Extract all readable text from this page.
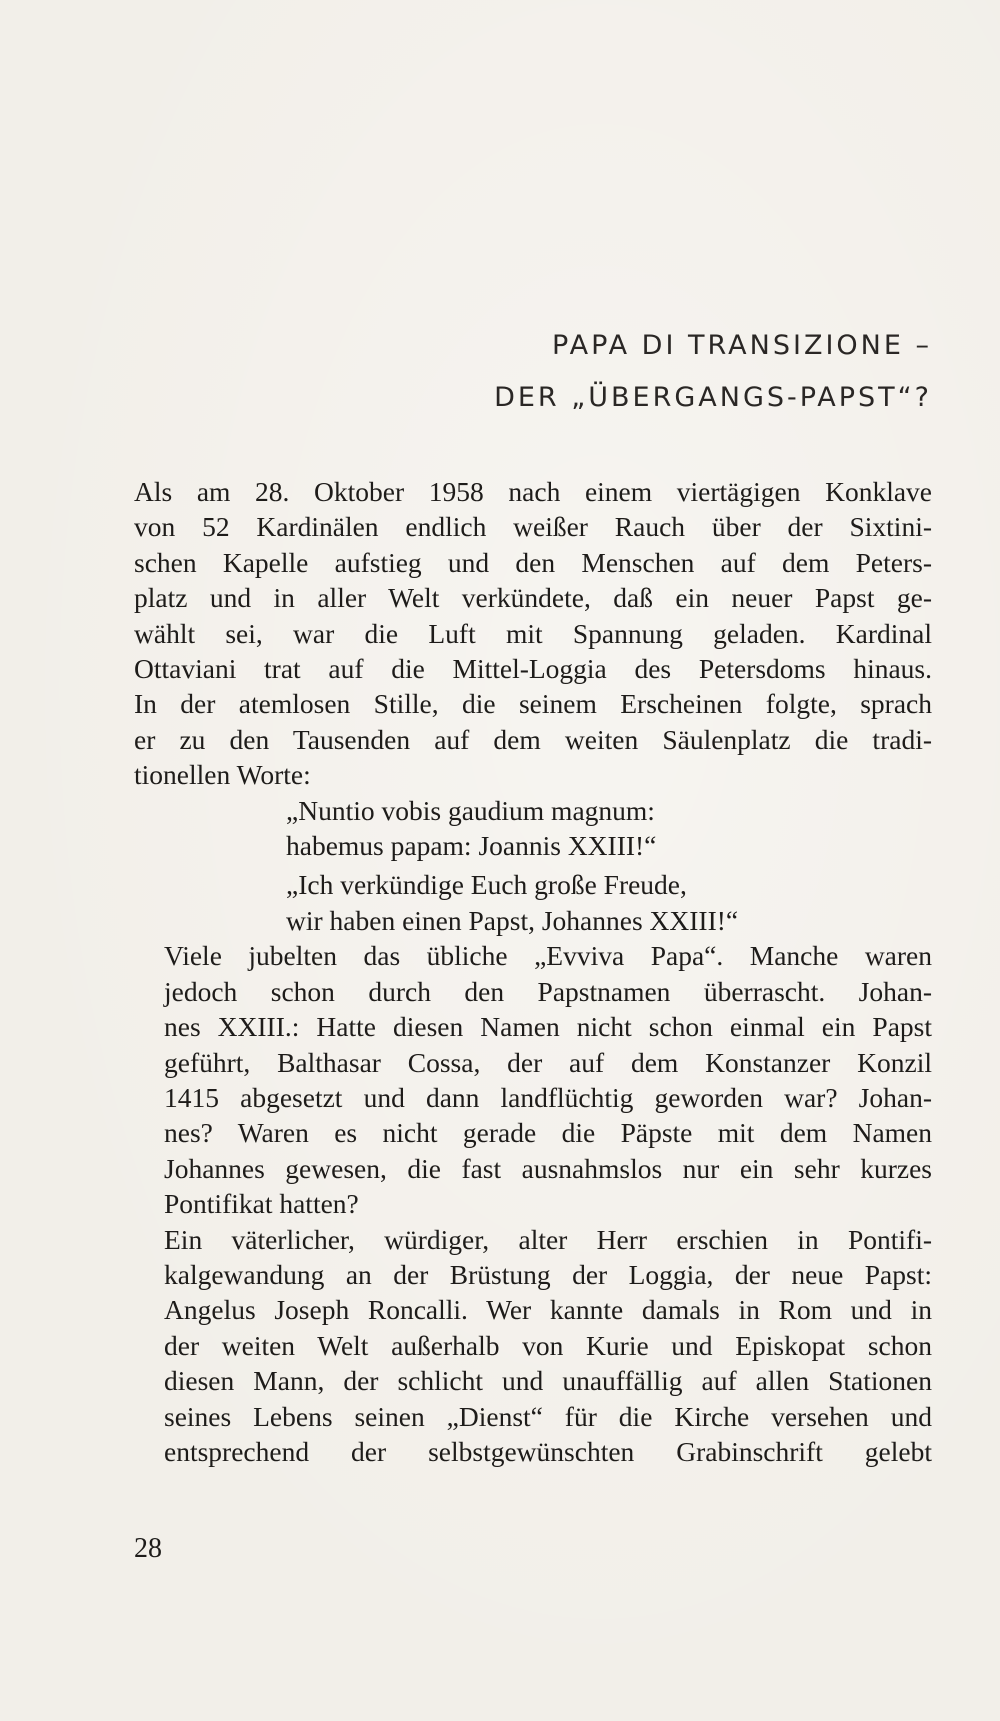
PAPA DI TRANSIZIONE –
DER „ÜBERGANGS-PAPST“?

Als am 28. Oktober 1958 nach einem viertägigen Konklave
von 52 Kardinälen endlich weißer Rauch über der Sixtini-
schen Kapelle aufstieg und den Menschen auf dem Peters-
platz und in aller Welt verkündete, daß ein neuer Papst ge-
wählt sei, war die Luft mit Spannung geladen. Kardinal
Ottaviani trat auf die Mittel-Loggia des Petersdoms hinaus.
In der atemlosen Stille, die seinem Erscheinen folgte, sprach
er zu den Tausenden auf dem weiten Säulenplatz die tradi-
tionellen Worte:

„Nuntio vobis gaudium magnum:
habemus papam: Joannis XXIII!“
„Ich verkündige Euch große Freude,
wir haben einen Papst, Johannes XXIII!“

Viele jubelten das übliche „Evviva Papa“. Manche waren
jedoch schon durch den Papstnamen überrascht. Johan-
nes XXIII.: Hatte diesen Namen nicht schon einmal ein Papst
geführt, Balthasar Cossa, der auf dem Konstanzer Konzil
1415 abgesetzt und dann landflüchtig geworden war? Johan-
nes? Waren es nicht gerade die Päpste mit dem Namen
Johannes gewesen, die fast ausnahmslos nur ein sehr kurzes
Pontifikat hatten?

Ein väterlicher, würdiger, alter Herr erschien in Pontifi-
kalgewandung an der Brüstung der Loggia, der neue Papst:
Angelus Joseph Roncalli. Wer kannte damals in Rom und in
der weiten Welt außerhalb von Kurie und Episkopat schon
diesen Mann, der schlicht und unauffällig auf allen Stationen
seines Lebens seinen „Dienst“ für die Kirche versehen und
entsprechend der selbstgewünschten Grabinschrift gelebt

28
